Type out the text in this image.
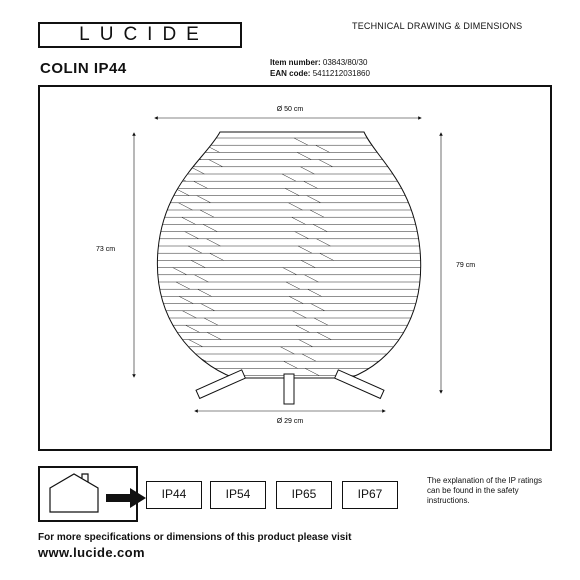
LUCIDE	TECHNICAL DRAWING & DIMENSIONS
COLIN IP44	Item number: 03843/80/30
EAN code: 5411212031860
Ø 50 cm
73 cm
79 cm
Ø 29 cm
IP44	IP54	IP65	IP67
The explanation of the IP ratings can be found in the safety instructions.
For more specifications or dimensions of this product please visit
www.lucide.com
